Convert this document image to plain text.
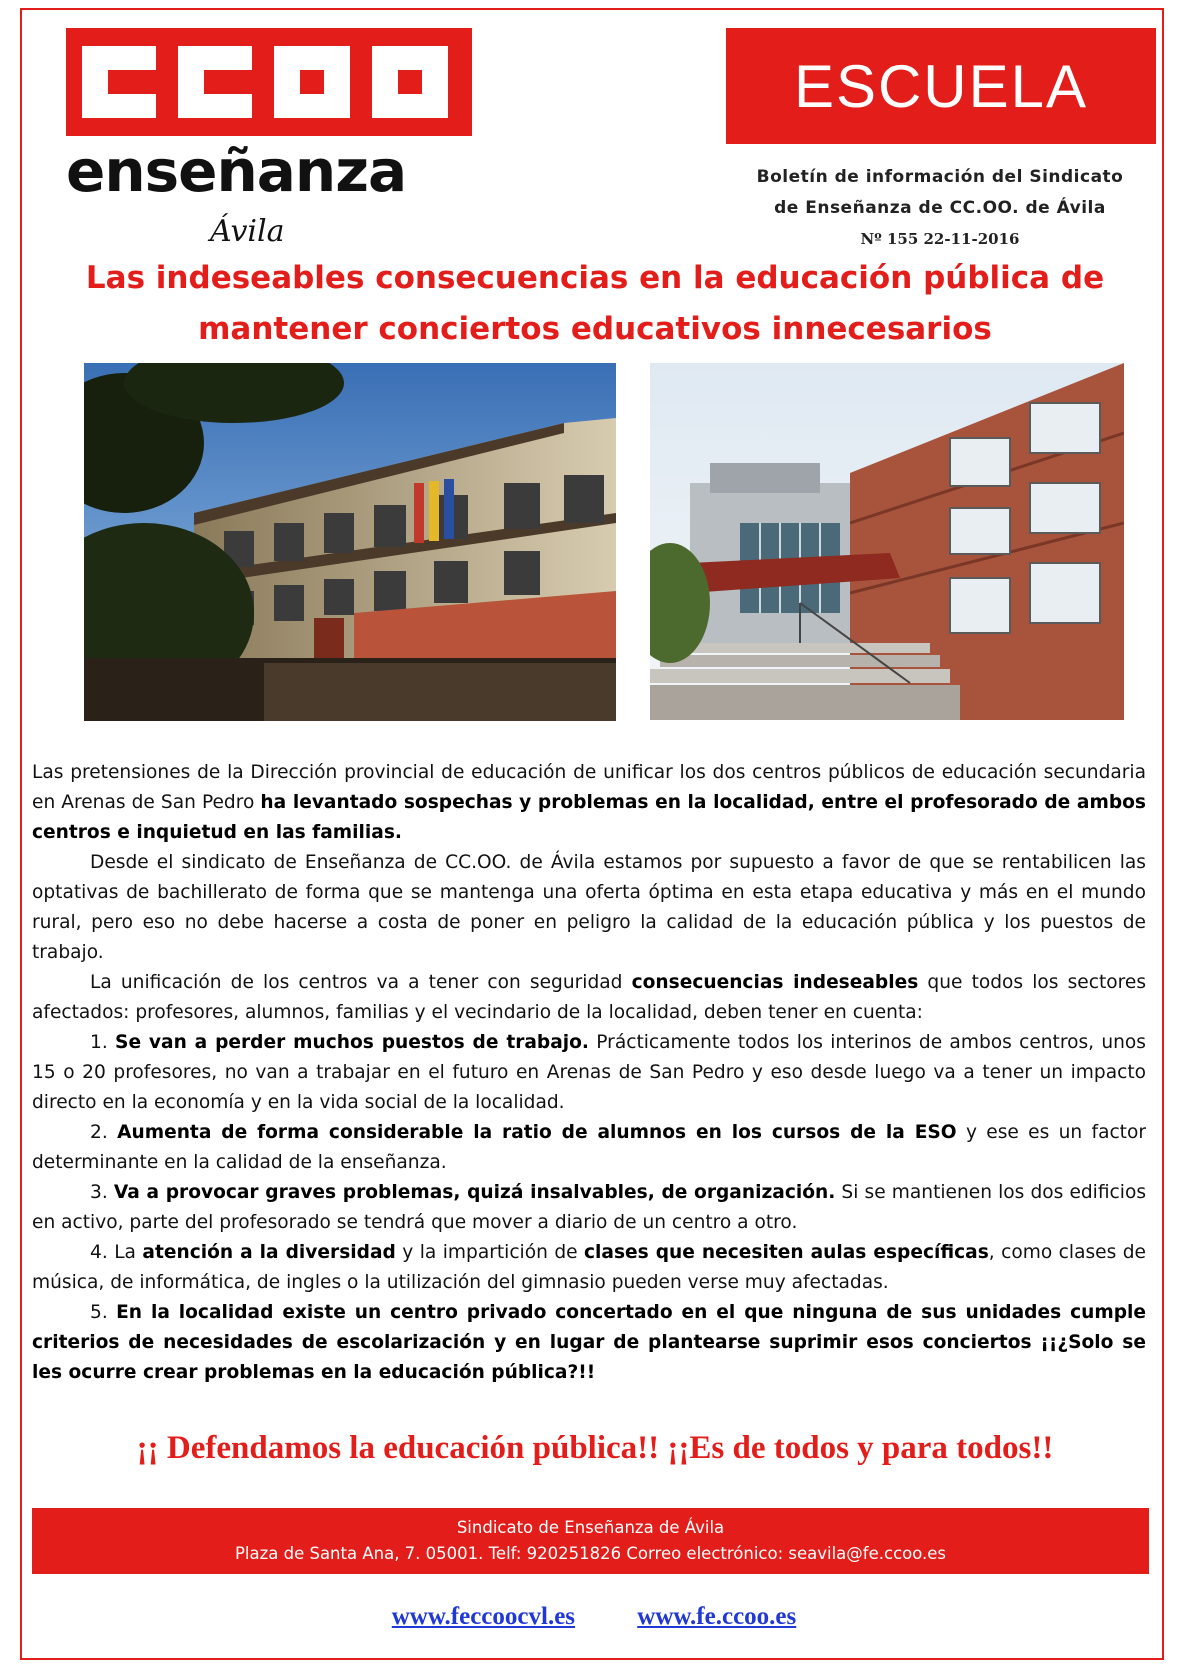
enseñanza
Ávila
ESCUELA
Boletín de información del Sindicato
de Enseñanza de CC.OO. de Ávila
Nº 155 22-11-2016
Las indeseables consecuencias en la educación pública de
mantener conciertos educativos innecesarios

Las pretensiones de la Dirección provincial de educación de unificar los dos centros públicos de educación secundaria en Arenas de San Pedro ha levantado sospechas y problemas en la localidad, entre el profesorado de ambos centros e inquietud en las familias.

Desde el sindicato de Enseñanza de CC.OO. de Ávila estamos por supuesto a favor de que se rentabilicen las optativas de bachillerato de forma que se mantenga una oferta óptima en esta etapa educativa y más en el mundo rural, pero eso no debe hacerse a costa de poner en peligro la calidad de la educación pública y los puestos de trabajo.

La unificación de los centros va a tener con seguridad consecuencias indeseables que todos los sectores afectados: profesores, alumnos, familias y el vecindario de la localidad, deben tener en cuenta:

1. Se van a perder muchos puestos de trabajo. Prácticamente todos los interinos de ambos centros, unos 15 o 20 profesores, no van a trabajar en el futuro en Arenas de San Pedro y eso desde luego va a tener un impacto directo en la economía y en la vida social de la localidad.

2. Aumenta de forma considerable la ratio de alumnos en los cursos de la ESO y ese es un factor determinante en la calidad de la enseñanza.

3. Va a provocar graves problemas, quizá insalvables, de organización. Si se mantienen los dos edificios en activo, parte del profesorado se tendrá que mover a diario de un centro a otro.

4. La atención a la diversidad y la impartición de clases que necesiten aulas específicas, como clases de música, de informática, de ingles o la utilización del gimnasio pueden verse muy afectadas.

5. En la localidad existe un centro privado concertado en el que ninguna de sus unidades cumple criterios de necesidades de escolarización y en lugar de plantearse suprimir esos conciertos ¡¡¿Solo se les ocurre crear problemas en la educación pública?!!

¡¡ Defendamos la educación pública!! ¡¡Es de todos y para todos!!
Sindicato de Enseñanza de Ávila
Plaza de Santa Ana, 7. 05001. Telf: 920251826 Correo electrónico: seavila@fe.ccoo.es
www.feccoocvl.es www.fe.ccoo.es
